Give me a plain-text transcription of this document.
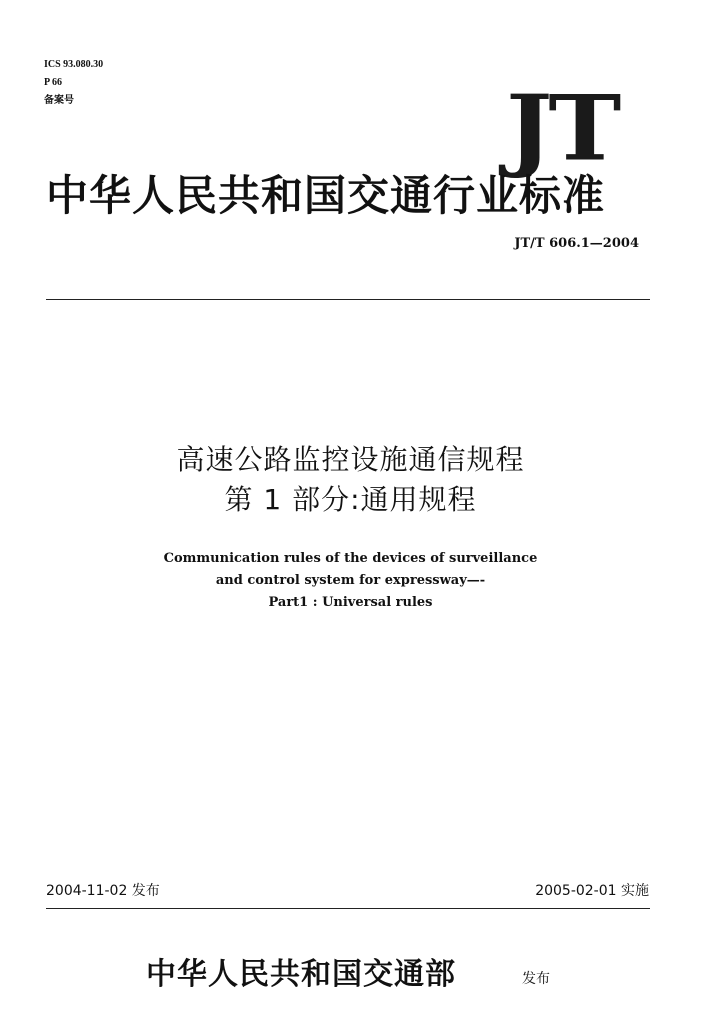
ICS 93.080.30
P 66
备案号	JT
中华人民共和国交通行业标准
JT/T 606.1—2004
高速公路监控设施通信规程
第 1 部分:通用规程
Communication rules of the devices of surveillance
and control system for expressway—-
Part1 : Universal rules
2004-11-02 发布	2005-02-01 实施
中华人民共和国交通部	发布
